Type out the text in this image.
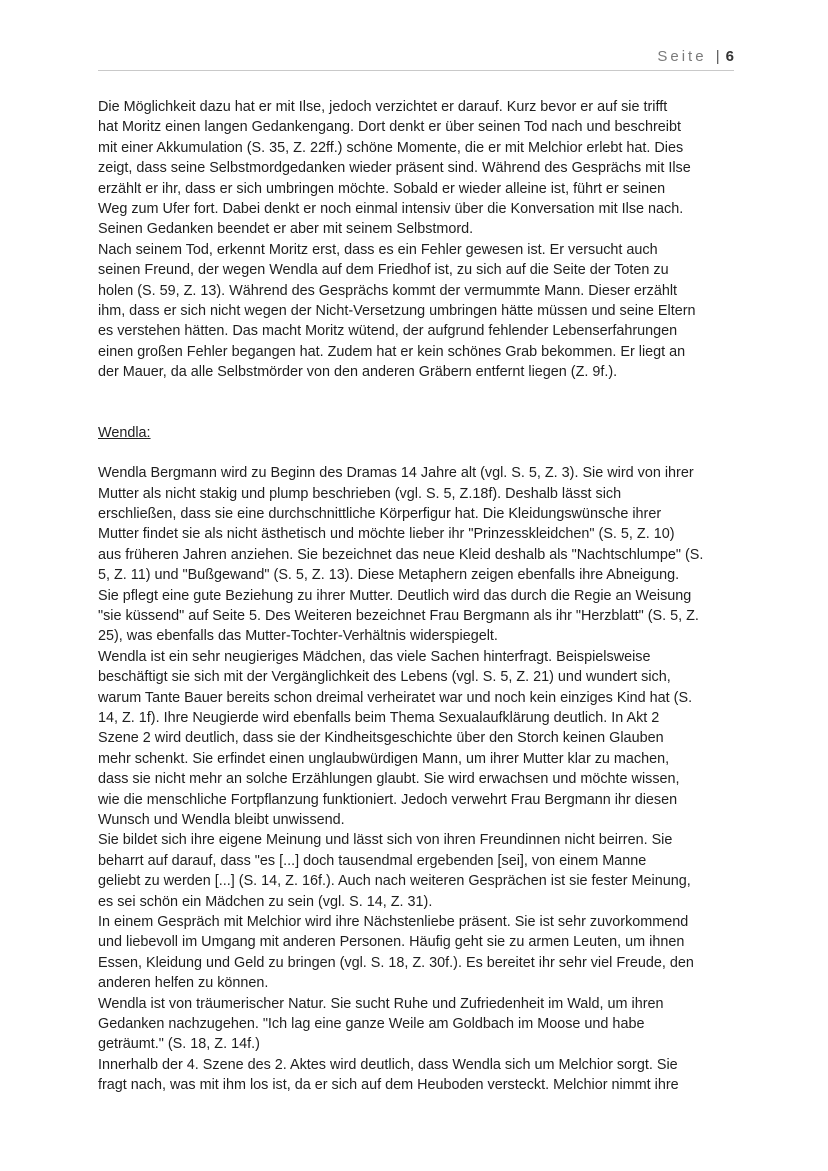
Seite | 6

Die Möglichkeit dazu hat er mit Ilse, jedoch verzichtet er darauf. Kurz bevor er auf sie trifft

hat Moritz einen langen Gedankengang. Dort denkt er über seinen Tod nach und beschreibt

mit einer Akkumulation (S. 35, Z. 22ff.) schöne Momente, die er mit Melchior erlebt hat. Dies

zeigt, dass seine Selbstmordgedanken wieder präsent sind. Während des Gesprächs mit Ilse

erzählt er ihr, dass er sich umbringen möchte. Sobald er wieder alleine ist, führt er seinen

Weg zum Ufer fort. Dabei denkt er noch einmal intensiv über die Konversation mit Ilse nach.

Seinen Gedanken beendet er aber mit seinem Selbstmord.

Nach seinem Tod, erkennt Moritz erst, dass es ein Fehler gewesen ist. Er versucht auch

seinen Freund, der wegen Wendla auf dem Friedhof ist, zu sich auf die Seite der Toten zu

holen (S. 59, Z. 13). Während des Gesprächs kommt der vermummte Mann. Dieser erzählt

ihm, dass er sich nicht wegen der Nicht-Versetzung umbringen hätte müssen und seine Eltern

es verstehen hätten. Das macht Moritz wütend, der aufgrund fehlender Lebenserfahrungen

einen großen Fehler begangen hat. Zudem hat er kein schönes Grab bekommen. Er liegt an

der Mauer, da alle Selbstmörder von den anderen Gräbern entfernt liegen (Z. 9f.).

Wendla:

Wendla Bergmann wird zu Beginn des Dramas 14 Jahre alt (vgl. S. 5, Z. 3). Sie wird von ihrer

Mutter als nicht stakig und plump beschrieben (vgl. S. 5, Z.18f). Deshalb lässt sich

erschließen, dass sie eine durchschnittliche Körperfigur hat. Die Kleidungswünsche ihrer

Mutter findet sie als nicht ästhetisch und möchte lieber ihr "Prinzesskleidchen" (S. 5, Z. 10)

aus früheren Jahren anziehen. Sie bezeichnet das neue Kleid deshalb als "Nachtschlumpe" (S.

5, Z. 11) und "Bußgewand" (S. 5, Z. 13). Diese Metaphern zeigen ebenfalls ihre Abneigung.

Sie pflegt eine gute Beziehung zu ihrer Mutter. Deutlich wird das durch die Regie an Weisung

"sie küssend" auf Seite 5. Des Weiteren bezeichnet Frau Bergmann als ihr "Herzblatt" (S. 5, Z.

25), was ebenfalls das Mutter-Tochter-Verhältnis widerspiegelt.

Wendla ist ein sehr neugieriges Mädchen, das viele Sachen hinterfragt. Beispielsweise

beschäftigt sie sich mit der Vergänglichkeit des Lebens (vgl. S. 5, Z. 21) und wundert sich,

warum Tante Bauer bereits schon dreimal verheiratet war und noch kein einziges Kind hat (S.

14, Z. 1f). Ihre Neugierde wird ebenfalls beim Thema Sexualaufklärung deutlich. In Akt 2

Szene 2 wird deutlich, dass sie der Kindheitsgeschichte über den Storch keinen Glauben

mehr schenkt. Sie erfindet einen unglaubwürdigen Mann, um ihrer Mutter klar zu machen,

dass sie nicht mehr an solche Erzählungen glaubt. Sie wird erwachsen und möchte wissen,

wie die menschliche Fortpflanzung funktioniert. Jedoch verwehrt Frau Bergmann ihr diesen

Wunsch und Wendla bleibt unwissend.

Sie bildet sich ihre eigene Meinung und lässt sich von ihren Freundinnen nicht beirren. Sie

beharrt auf darauf, dass "es [...] doch tausendmal ergebenden [sei], von einem Manne

geliebt zu werden [...] (S. 14, Z. 16f.). Auch nach weiteren Gesprächen ist sie fester Meinung,

es sei schön ein Mädchen zu sein (vgl. S. 14, Z. 31).

In einem Gespräch mit Melchior wird ihre Nächstenliebe präsent. Sie ist sehr zuvorkommend

und liebevoll im Umgang mit anderen Personen. Häufig geht sie zu armen Leuten, um ihnen

Essen, Kleidung und Geld zu bringen (vgl. S. 18, Z. 30f.). Es bereitet ihr sehr viel Freude, den

anderen helfen zu können.

Wendla ist von träumerischer Natur. Sie sucht Ruhe und Zufriedenheit im Wald, um ihren

Gedanken nachzugehen. "Ich lag eine ganze Weile am Goldbach im Moose und habe

geträumt." (S. 18, Z. 14f.)

Innerhalb der 4. Szene des 2. Aktes wird deutlich, dass Wendla sich um Melchior sorgt. Sie

fragt nach, was mit ihm los ist, da er sich auf dem Heuboden versteckt. Melchior nimmt ihre
